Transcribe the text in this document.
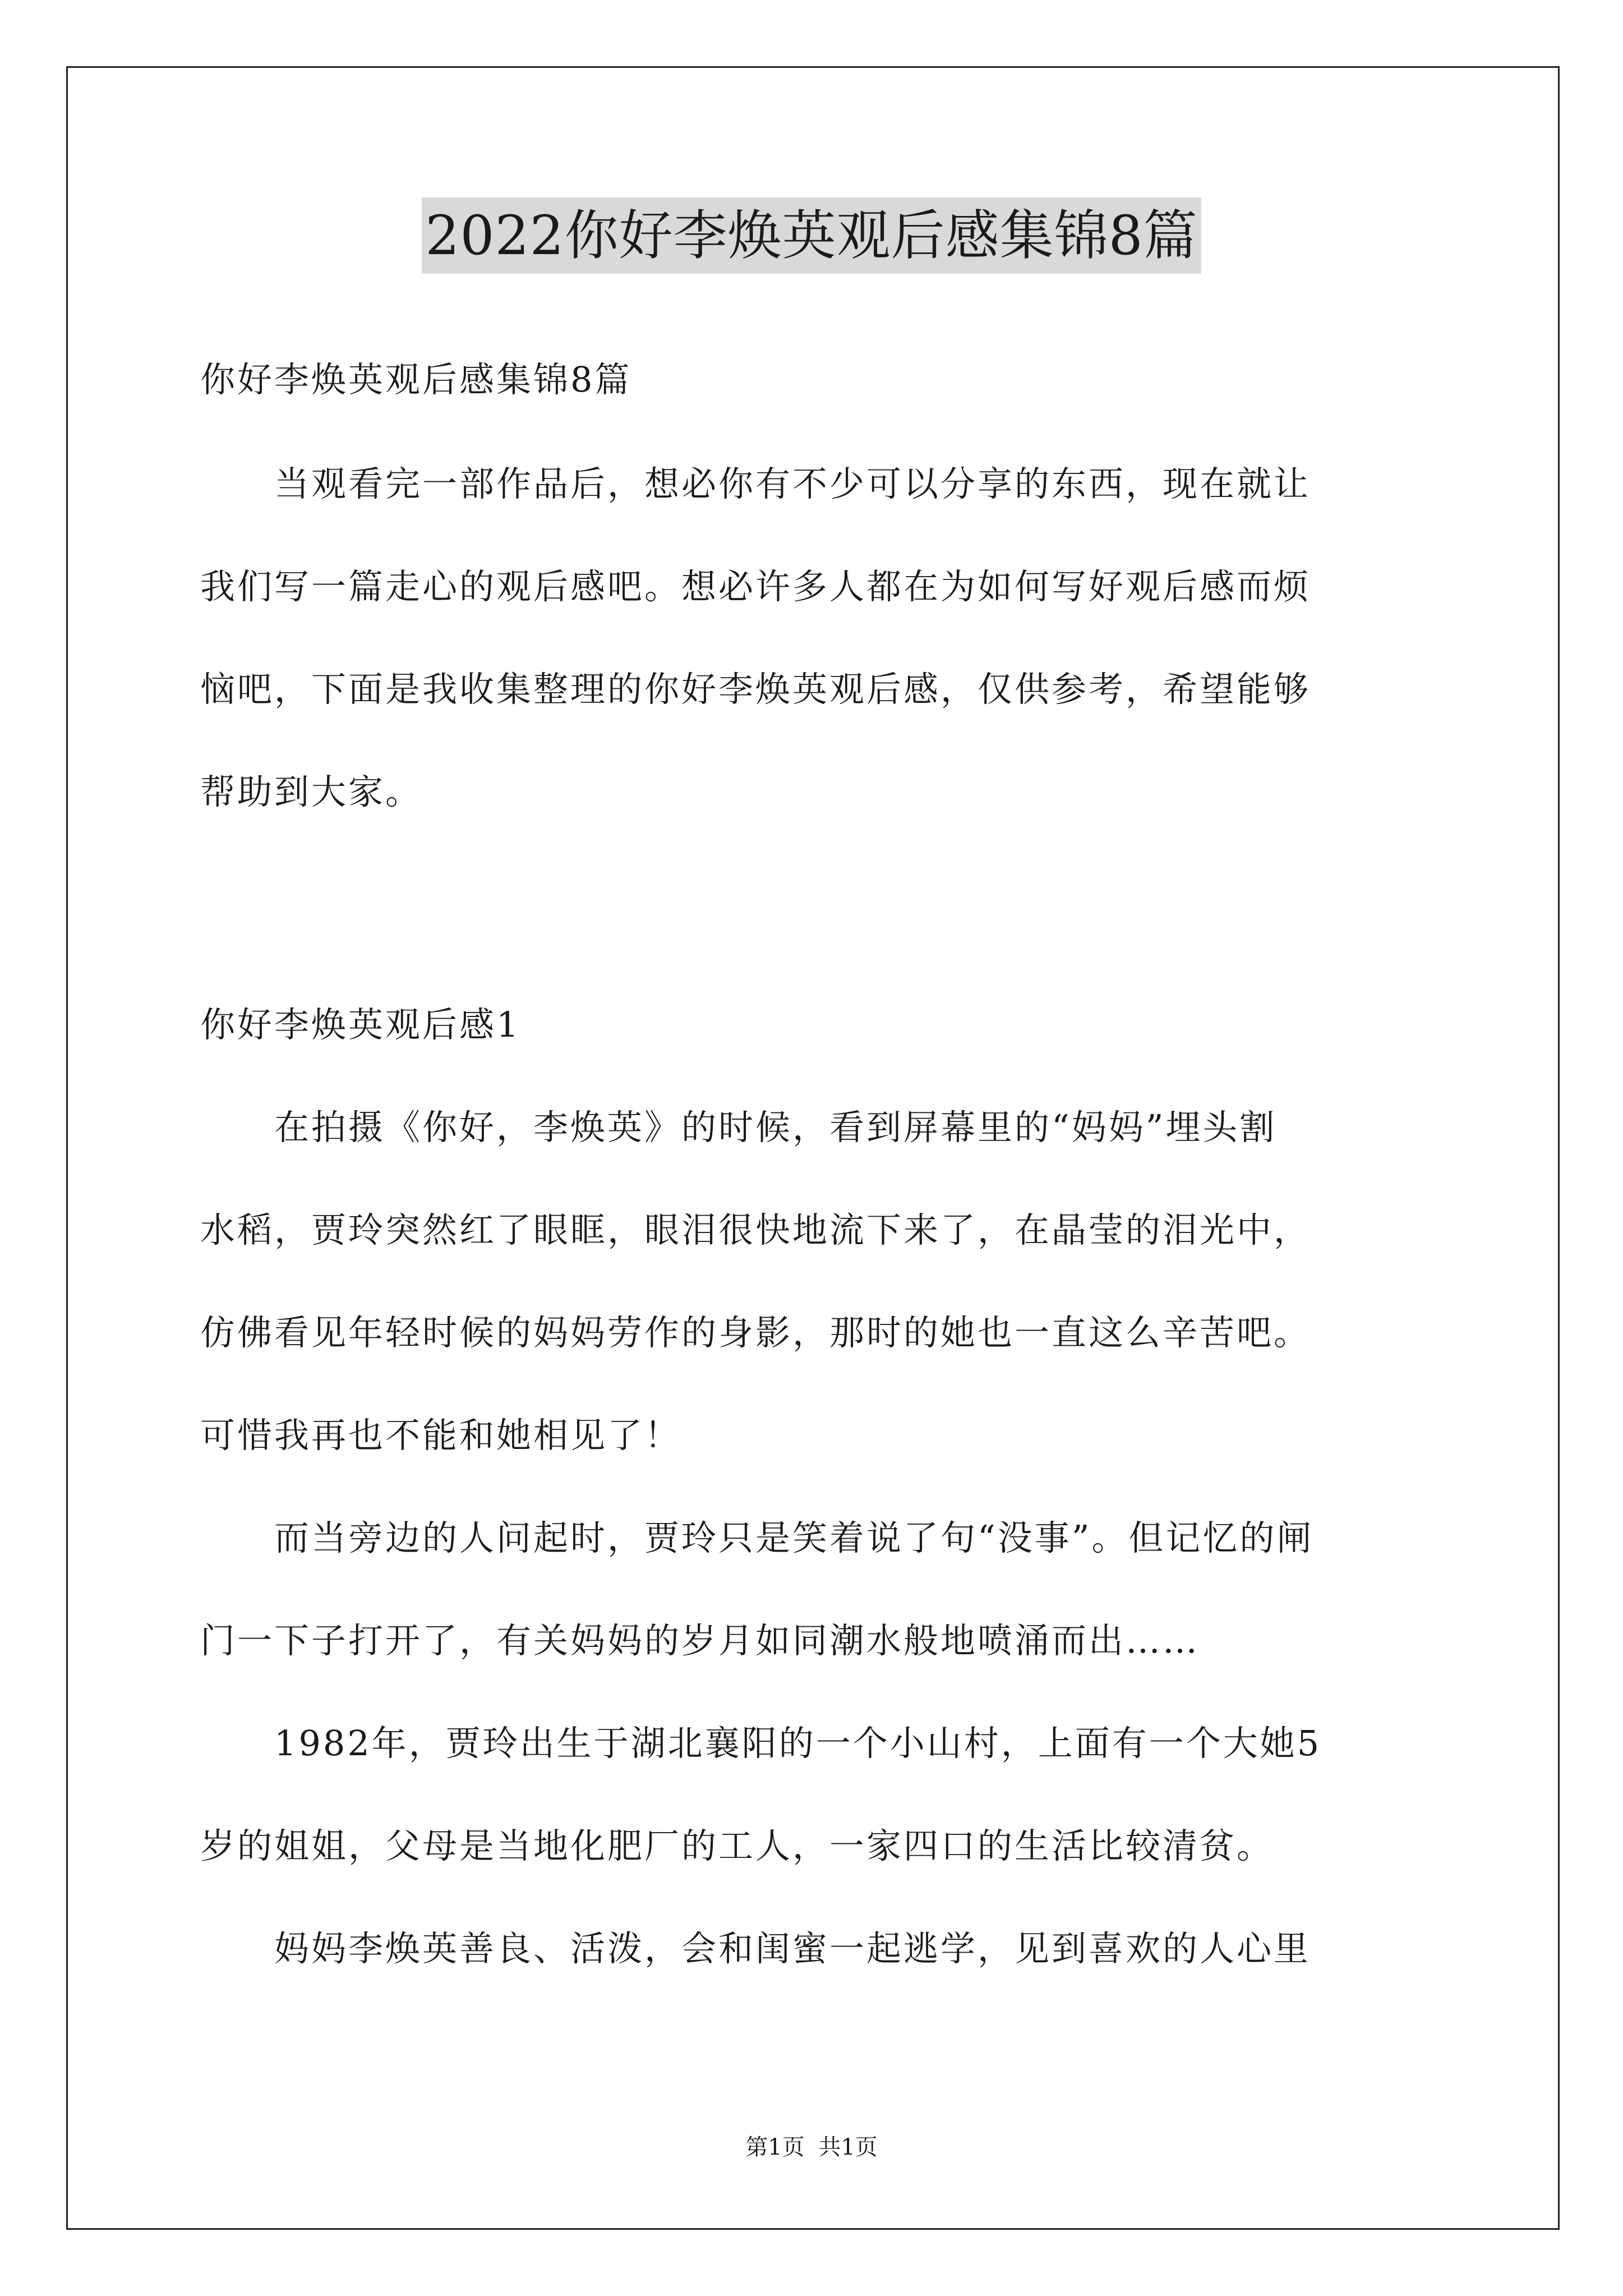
2022你好李焕英观后感集锦8篇
你好李焕英观后感集锦8篇
　　当观看完一部作品后，想必你有不少可以分享的东西，现在就让
我们写一篇走心的观后感吧。想必许多人都在为如何写好观后感而烦
恼吧，下面是我收集整理的你好李焕英观后感，仅供参考，希望能够
帮助到大家。
你好李焕英观后感1
　　在拍摄《你好，李焕英》的时候，看到屏幕里的“妈妈”埋头割
水稻，贾玲突然红了眼眶，眼泪很快地流下来了，在晶莹的泪光中，
仿佛看见年轻时候的妈妈劳作的身影，那时的她也一直这么辛苦吧。
可惜我再也不能和她相见了！
　　而当旁边的人问起时，贾玲只是笑着说了句“没事”。但记忆的闸
门一下子打开了，有关妈妈的岁月如同潮水般地喷涌而出……
　　1982年，贾玲出生于湖北襄阳的一个小山村，上面有一个大她5
岁的姐姐，父母是当地化肥厂的工人，一家四口的生活比较清贫。
　　妈妈李焕英善良、活泼，会和闺蜜一起逃学，见到喜欢的人心里
第1页 共1页
